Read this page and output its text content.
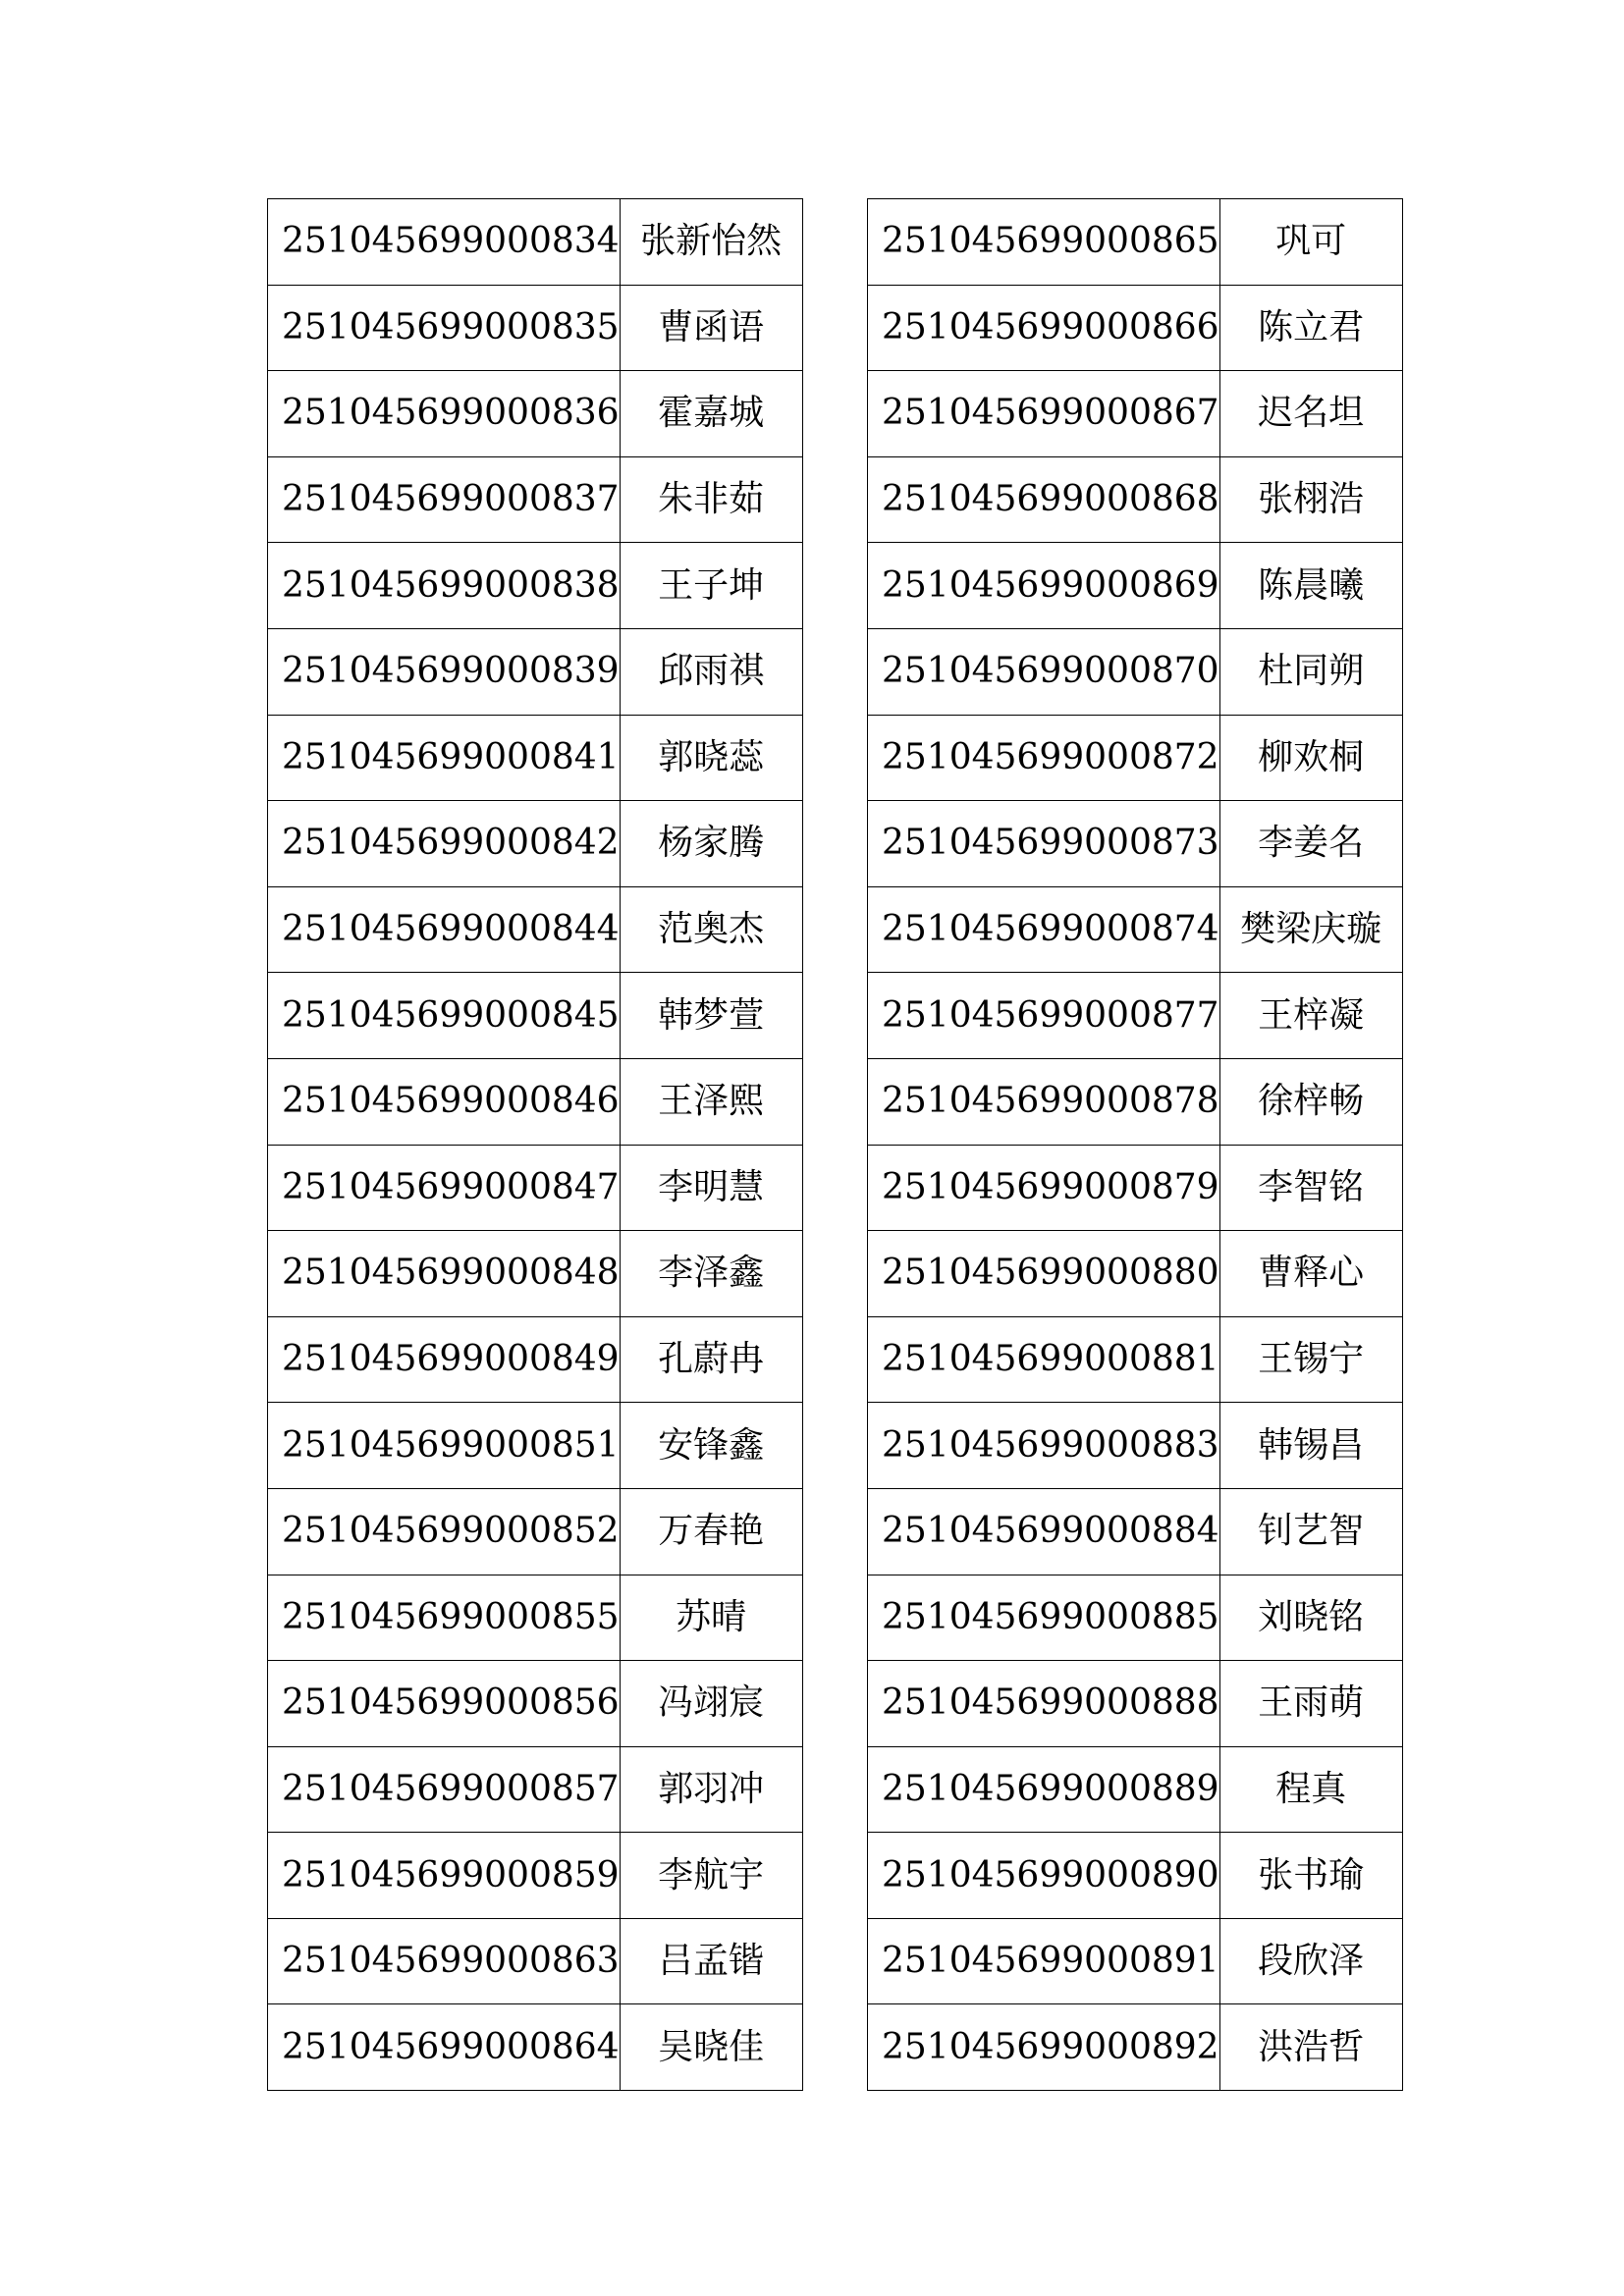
251045699000834	张新怡然
251045699000835	曹函语
251045699000836	霍嘉城
251045699000837	朱非茹
251045699000838	王子坤
251045699000839	邱雨祺
251045699000841	郭晓蕊
251045699000842	杨家腾
251045699000844	范奥杰
251045699000845	韩梦萱
251045699000846	王泽熙
251045699000847	李明慧
251045699000848	李泽鑫
251045699000849	孔蔚冉
251045699000851	安锋鑫
251045699000852	万春艳
251045699000855	苏晴
251045699000856	冯翊宸
251045699000857	郭羽冲
251045699000859	李航宇
251045699000863	吕孟锴
251045699000864	吴晓佳
251045699000865	巩可
251045699000866	陈立君
251045699000867	迟名坦
251045699000868	张栩浩
251045699000869	陈晨曦
251045699000870	杜同朔
251045699000872	柳欢桐
251045699000873	李姜名
251045699000874	樊梁庆璇
251045699000877	王梓凝
251045699000878	徐梓畅
251045699000879	李智铭
251045699000880	曹释心
251045699000881	王锡宁
251045699000883	韩锡昌
251045699000884	钊艺智
251045699000885	刘晓铭
251045699000888	王雨萌
251045699000889	程真
251045699000890	张书瑜
251045699000891	段欣泽
251045699000892	洪浩哲
